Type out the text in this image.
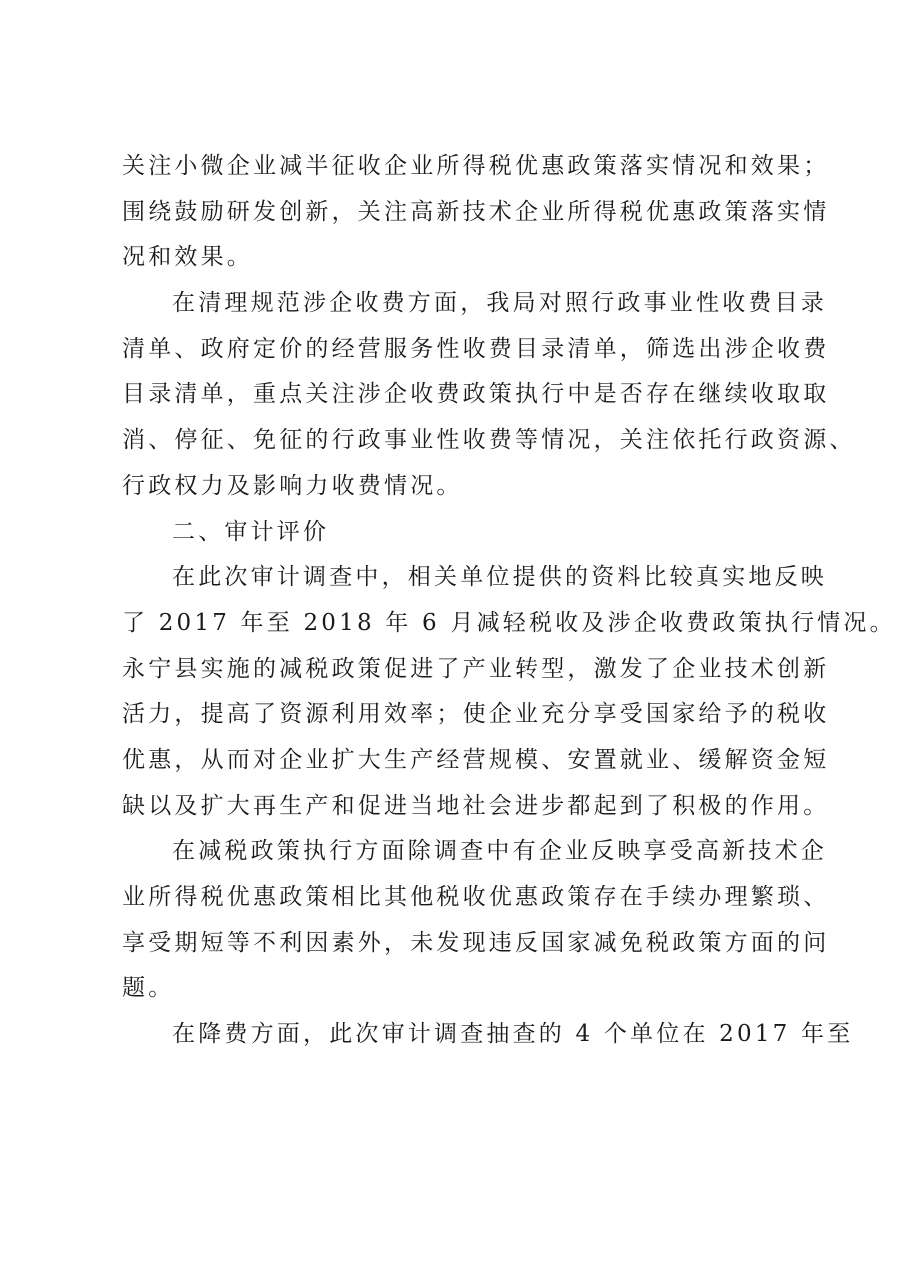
关注小微企业减半征收企业所得税优惠政策落实情况和效果；
围绕鼓励研发创新，关注高新技术企业所得税优惠政策落实情
况和效果。
在清理规范涉企收费方面，我局对照行政事业性收费目录
清单、政府定价的经营服务性收费目录清单，筛选出涉企收费
目录清单，重点关注涉企收费政策执行中是否存在继续收取取
消、停征、免征的行政事业性收费等情况，关注依托行政资源、
行政权力及影响力收费情况。
二、审计评价
在此次审计调查中，相关单位提供的资料比较真实地反映
了 2017 年至 2018 年 6 月减轻税收及涉企收费政策执行情况。
永宁县实施的减税政策促进了产业转型，激发了企业技术创新
活力，提高了资源利用效率；使企业充分享受国家给予的税收
优惠，从而对企业扩大生产经营规模、安置就业、缓解资金短
缺以及扩大再生产和促进当地社会进步都起到了积极的作用。
在减税政策执行方面除调查中有企业反映享受高新技术企
业所得税优惠政策相比其他税收优惠政策存在手续办理繁琐、
享受期短等不利因素外，未发现违反国家减免税政策方面的问
题。
在降费方面，此次审计调查抽查的 4 个单位在 2017 年至
